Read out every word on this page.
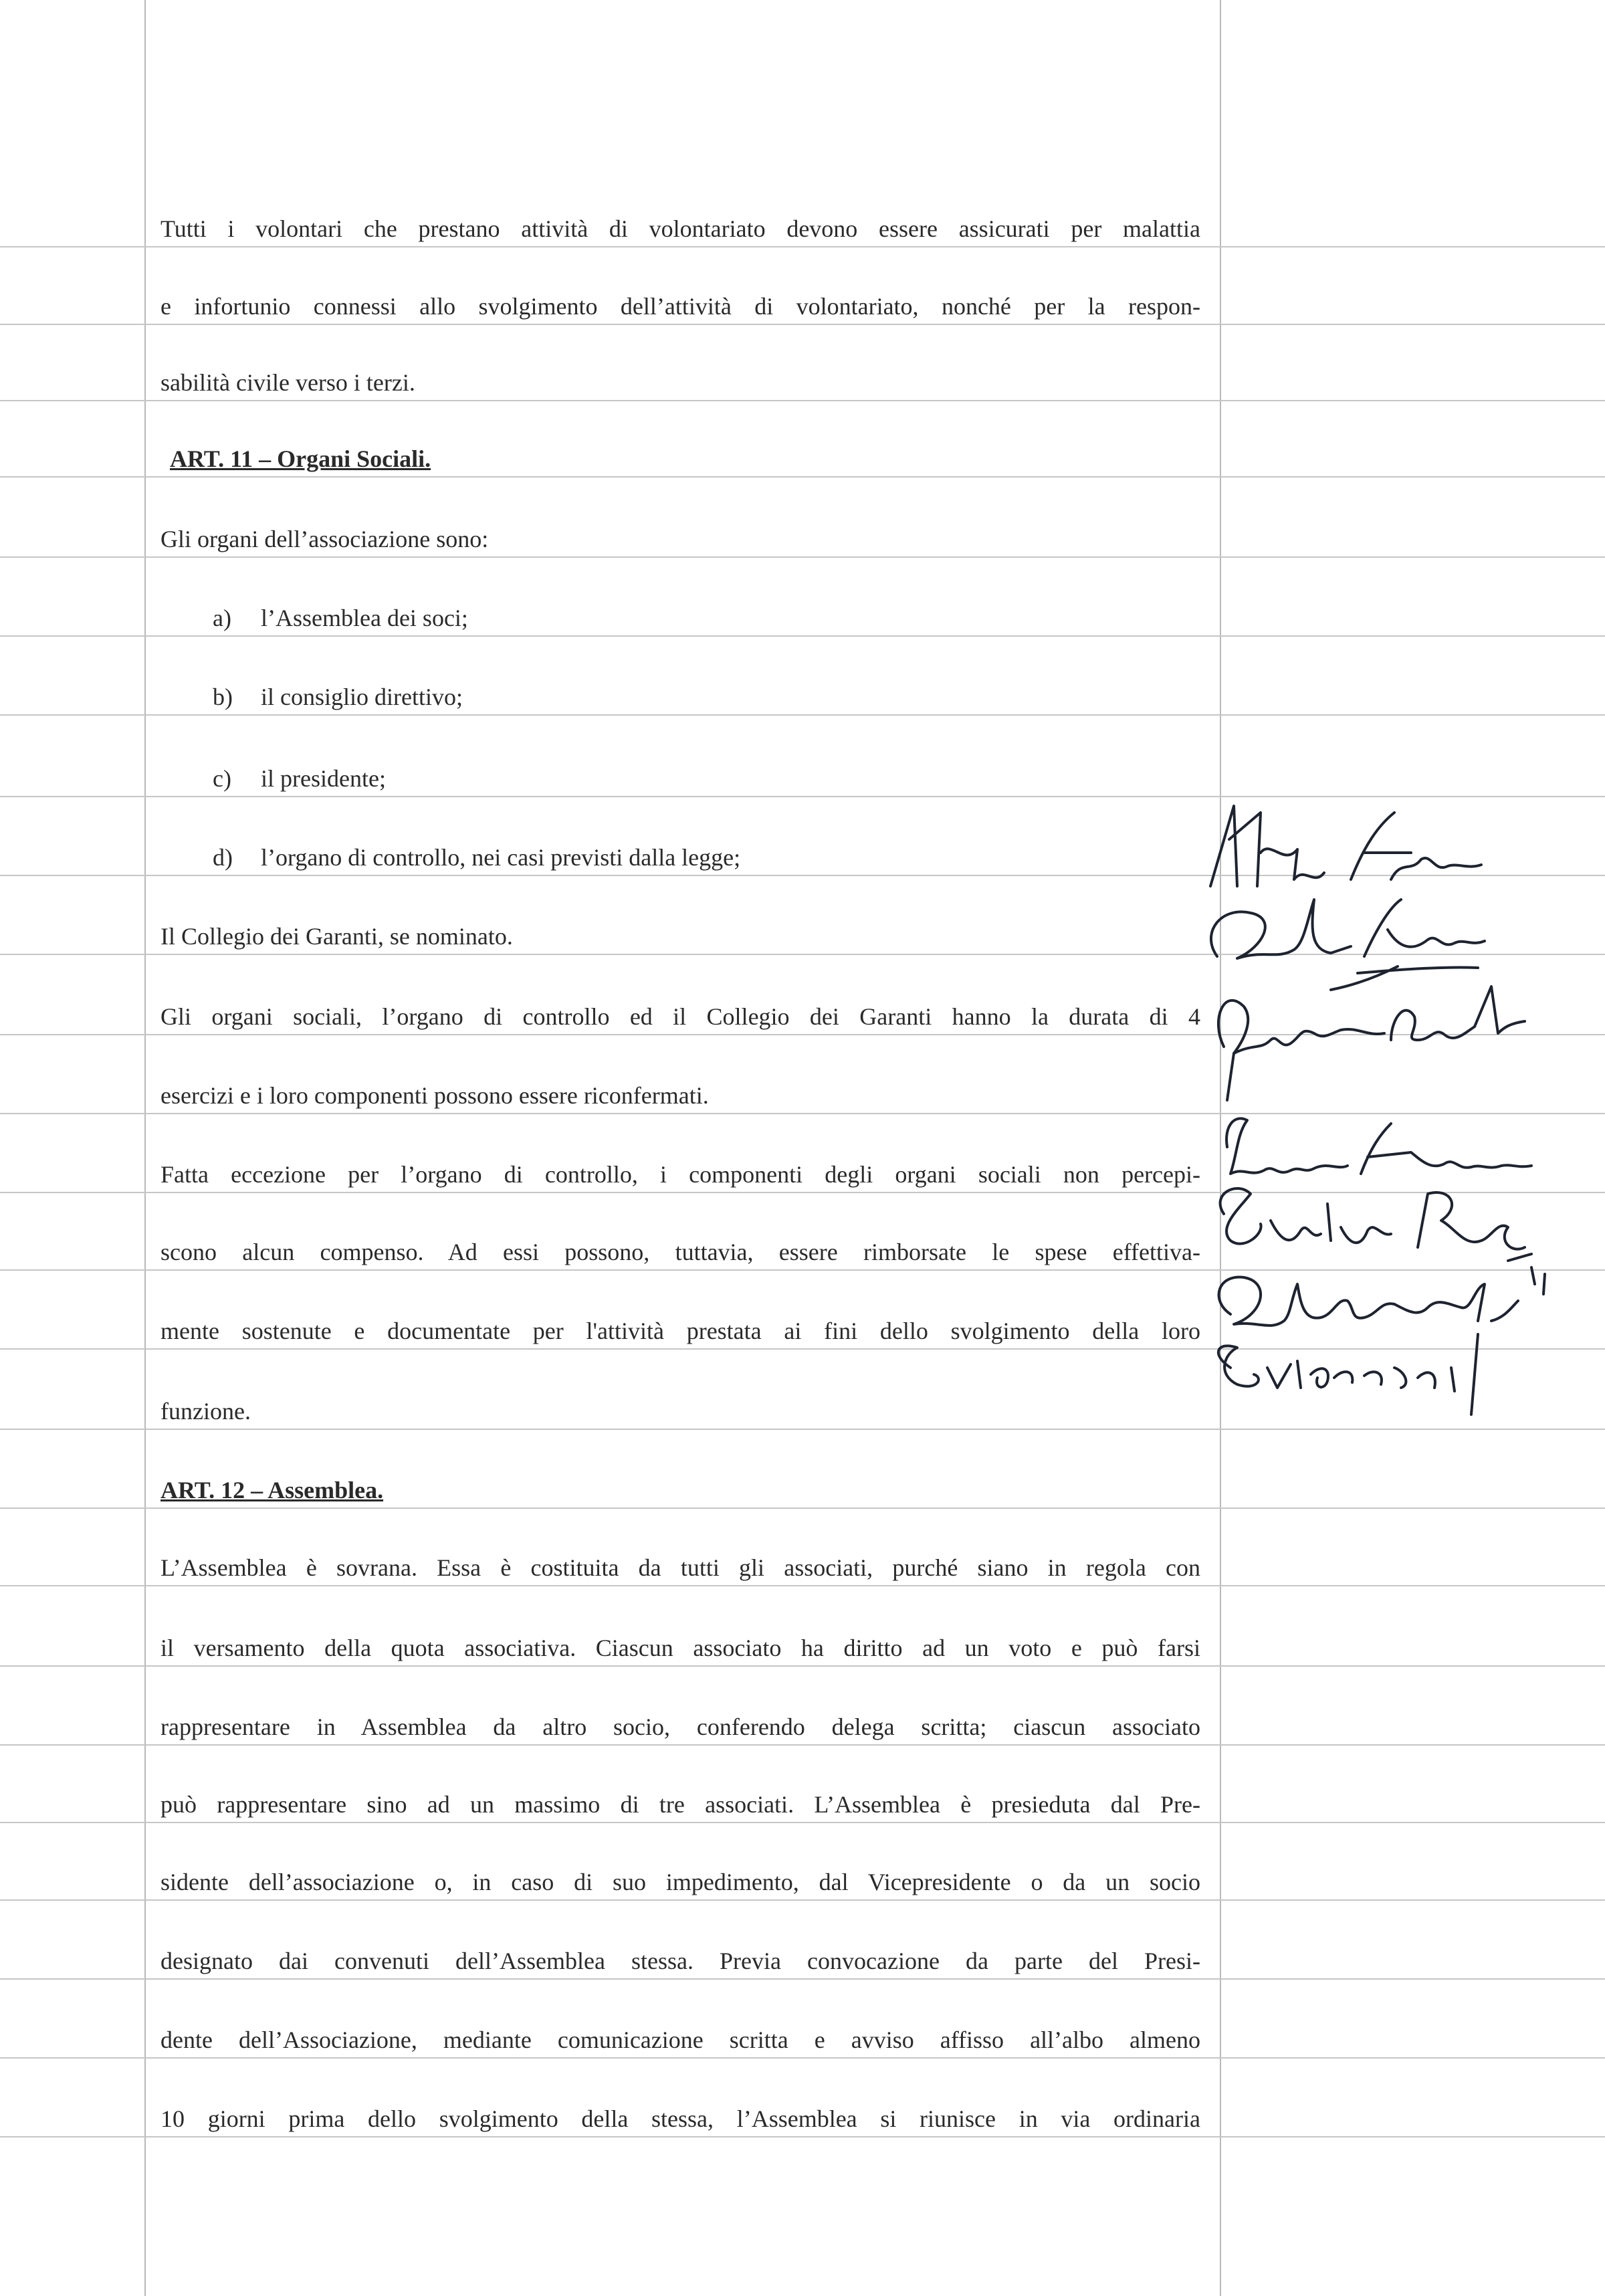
Tutti i volontari che prestano attività di volontariato devono essere assicurati per malattia
e infortunio connessi allo svolgimento dell’attività di volontariato, nonché per la respon-
sabilità civile verso i terzi.
ART. 11 – Organi Sociali.
Gli organi dell’associazione sono:
a) l’Assemblea dei soci;
b) il consiglio direttivo;
c) il presidente;
d) l’organo di controllo, nei casi previsti dalla legge;
Il Collegio dei Garanti, se nominato.
Gli organi sociali, l’organo di controllo ed il Collegio dei Garanti hanno la durata di 4
esercizi e i loro componenti possono essere riconfermati.
Fatta eccezione per l’organo di controllo, i componenti degli organi sociali non percepi-
scono alcun compenso. Ad essi possono, tuttavia, essere rimborsate le spese effettiva-
mente sostenute e documentate per l'attività prestata ai fini dello svolgimento della loro
funzione.
ART. 12 – Assemblea.
L’Assemblea è sovrana. Essa è costituita da tutti gli associati, purché siano in regola con
il versamento della quota associativa. Ciascun associato ha diritto ad un voto e può farsi
rappresentare in Assemblea da altro socio, conferendo delega scritta; ciascun associato
può rappresentare sino ad un massimo di tre associati. L’Assemblea è presieduta dal Pre-
sidente dell’associazione o, in caso di suo impedimento, dal Vicepresidente o da un socio
designato dai convenuti dell’Assemblea stessa. Previa convocazione da parte del Presi-
dente dell’Associazione, mediante comunicazione scritta e avviso affisso all’albo almeno
10 giorni prima dello svolgimento della stessa, l’Assemblea si riunisce in via ordinaria
